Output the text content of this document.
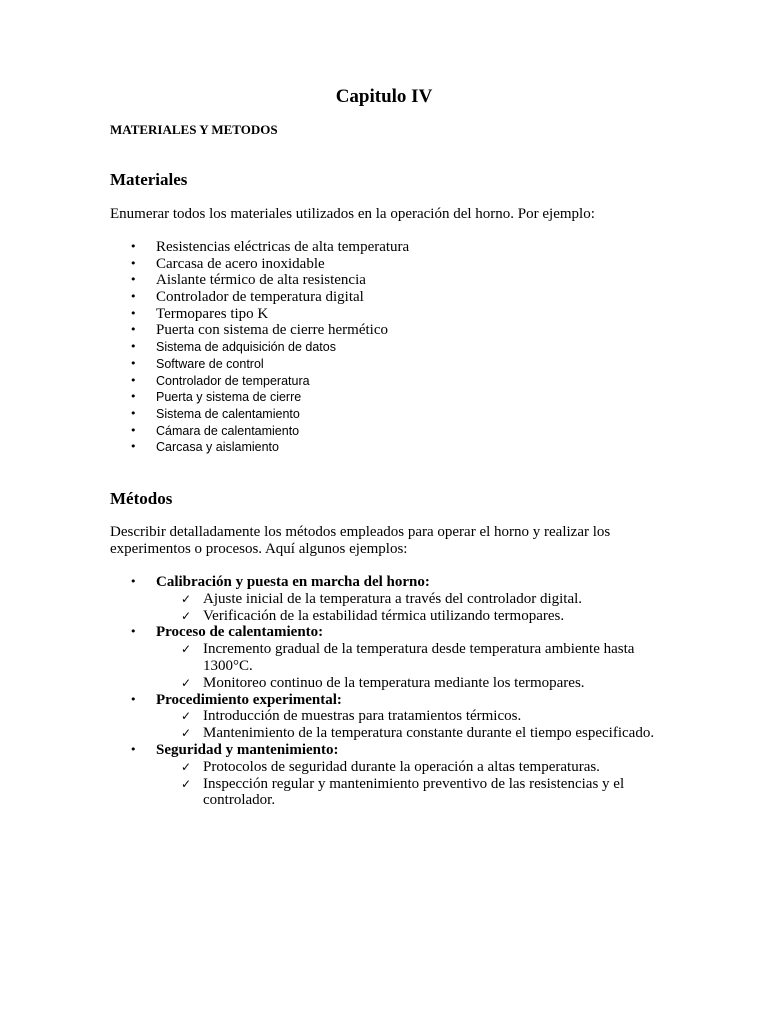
Capitulo IV
MATERIALES Y METODOS
Materiales
Enumerar todos los materiales utilizados en la operación del horno. Por ejemplo:
• Resistencias eléctricas de alta temperatura
• Carcasa de acero inoxidable
• Aislante térmico de alta resistencia
• Controlador de temperatura digital
• Termopares tipo K
• Puerta con sistema de cierre hermético
• Sistema de adquisición de datos
• Software de control
• Controlador de temperatura
• Puerta y sistema de cierre
• Sistema de calentamiento
• Cámara de calentamiento
• Carcasa y aislamiento
Métodos
Describir detalladamente los métodos empleados para operar el horno y realizar los experimentos o procesos. Aquí algunos ejemplos:
• Calibración y puesta en marcha del horno:
✓ Ajuste inicial de la temperatura a través del controlador digital.
✓ Verificación de la estabilidad térmica utilizando termopares.
• Proceso de calentamiento:
✓ Incremento gradual de la temperatura desde temperatura ambiente hasta 1300°C.
✓ Monitoreo continuo de la temperatura mediante los termopares.
• Procedimiento experimental:
✓ Introducción de muestras para tratamientos térmicos.
✓ Mantenimiento de la temperatura constante durante el tiempo especificado.
• Seguridad y mantenimiento:
✓ Protocolos de seguridad durante la operación a altas temperaturas.
✓ Inspección regular y mantenimiento preventivo de las resistencias y el controlador.
